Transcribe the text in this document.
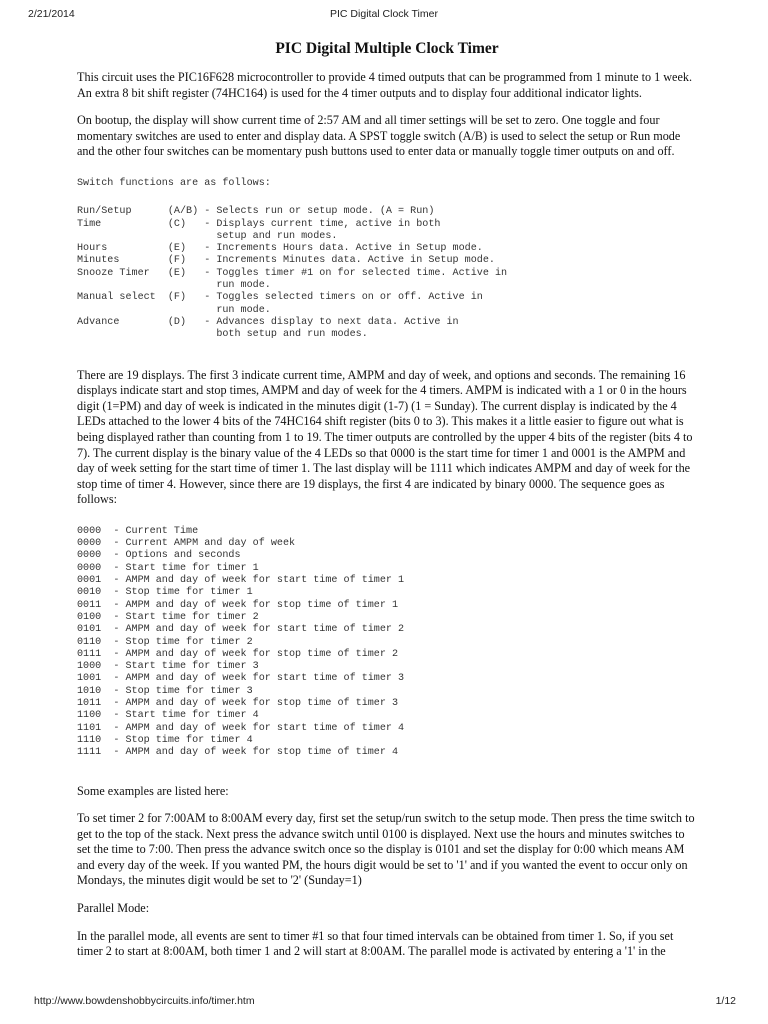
2/21/2014	PIC Digital Clock Timer
PIC Digital Multiple Clock Timer

This circuit uses the PIC16F628 microcontroller to provide 4 timed outputs that can be programmed from 1 minute to 1 week. An extra 8 bit shift register (74HC164) is used for the 4 timer outputs and to display four additional indicator lights.

On bootup, the display will show current time of 2:57 AM and all timer settings will be set to zero. One toggle and four momentary switches are used to enter and display data. A SPST toggle switch (A/B) is used to select the setup or Run mode and the other four switches can be momentary push buttons used to enter data or manually toggle timer outputs on and off.

Switch functions are as follows:
Run/Setup      (A/B) - Selects run or setup mode. (A = Run)
Time           (C)   - Displays current time, active in both
setup and run modes.
Hours          (E)   - Increments Hours data. Active in Setup mode.
Minutes        (F)   - Increments Minutes data. Active in Setup mode.
Snooze Timer   (E)   - Toggles timer #1 on for selected time. Active in
run mode.
Manual select  (F)   - Toggles selected timers on or off. Active in
run mode.
Advance        (D)   - Advances display to next data. Active in
both setup and run modes.

There are 19 displays. The first 3 indicate current time, AMPM and day of week, and options and seconds. The remaining 16 displays indicate start and stop times, AMPM and day of week for the 4 timers. AMPM is indicated with a 1 or 0 in the hours digit (1=PM) and day of week is indicated in the minutes digit (1-7) (1 = Sunday). The current display is indicated by the 4 LEDs attached to the lower 4 bits of the 74HC164 shift register (bits 0 to 3). This makes it a little easier to figure out what is being displayed rather than counting from 1 to 19. The timer outputs are controlled by the upper 4 bits of the register (bits 4 to 7). The current display is the binary value of the 4 LEDs so that 0000 is the start time for timer 1 and 0001 is the AMPM and day of week setting for the start time of timer 1. The last display will be 1111 which indicates AMPM and day of week for the stop time of timer 4. However, since there are 19 displays, the first 4 are indicated by binary 0000. The sequence goes as follows:

0000  - Current Time
0000  - Current AMPM and day of week
0000  - Options and seconds
0000  - Start time for timer 1
0001  - AMPM and day of week for start time of timer 1
0010  - Stop time for timer 1
0011  - AMPM and day of week for stop time of timer 1
0100  - Start time for timer 2
0101  - AMPM and day of week for start time of timer 2
0110  - Stop time for timer 2
0111  - AMPM and day of week for stop time of timer 2
1000  - Start time for timer 3
1001  - AMPM and day of week for start time of timer 3
1010  - Stop time for timer 3
1011  - AMPM and day of week for stop time of timer 3
1100  - Start time for timer 4
1101  - AMPM and day of week for start time of timer 4
1110  - Stop time for timer 4
1111  - AMPM and day of week for stop time of timer 4

Some examples are listed here:

To set timer 2 for 7:00AM to 8:00AM every day, first set the setup/run switch to the setup mode. Then press the time switch to get to the top of the stack. Next press the advance switch until 0100 is displayed. Next use the hours and minutes switches to set the time to 7:00. Then press the advance switch once so the display is 0101 and set the display for 0:00 which means AM and every day of the week. If you wanted PM, the hours digit would be set to '1' and if you wanted the event to occur only on Mondays, the minutes digit would be set to '2' (Sunday=1)

Parallel Mode:

In the parallel mode, all events are sent to timer #1 so that four timed intervals can be obtained from timer 1. So, if you set timer 2 to start at 8:00AM, both timer 1 and 2 will start at 8:00AM. The parallel mode is activated by entering a '1' in the

http://www.bowdenshobbycircuits.info/timer.htm	1/12
